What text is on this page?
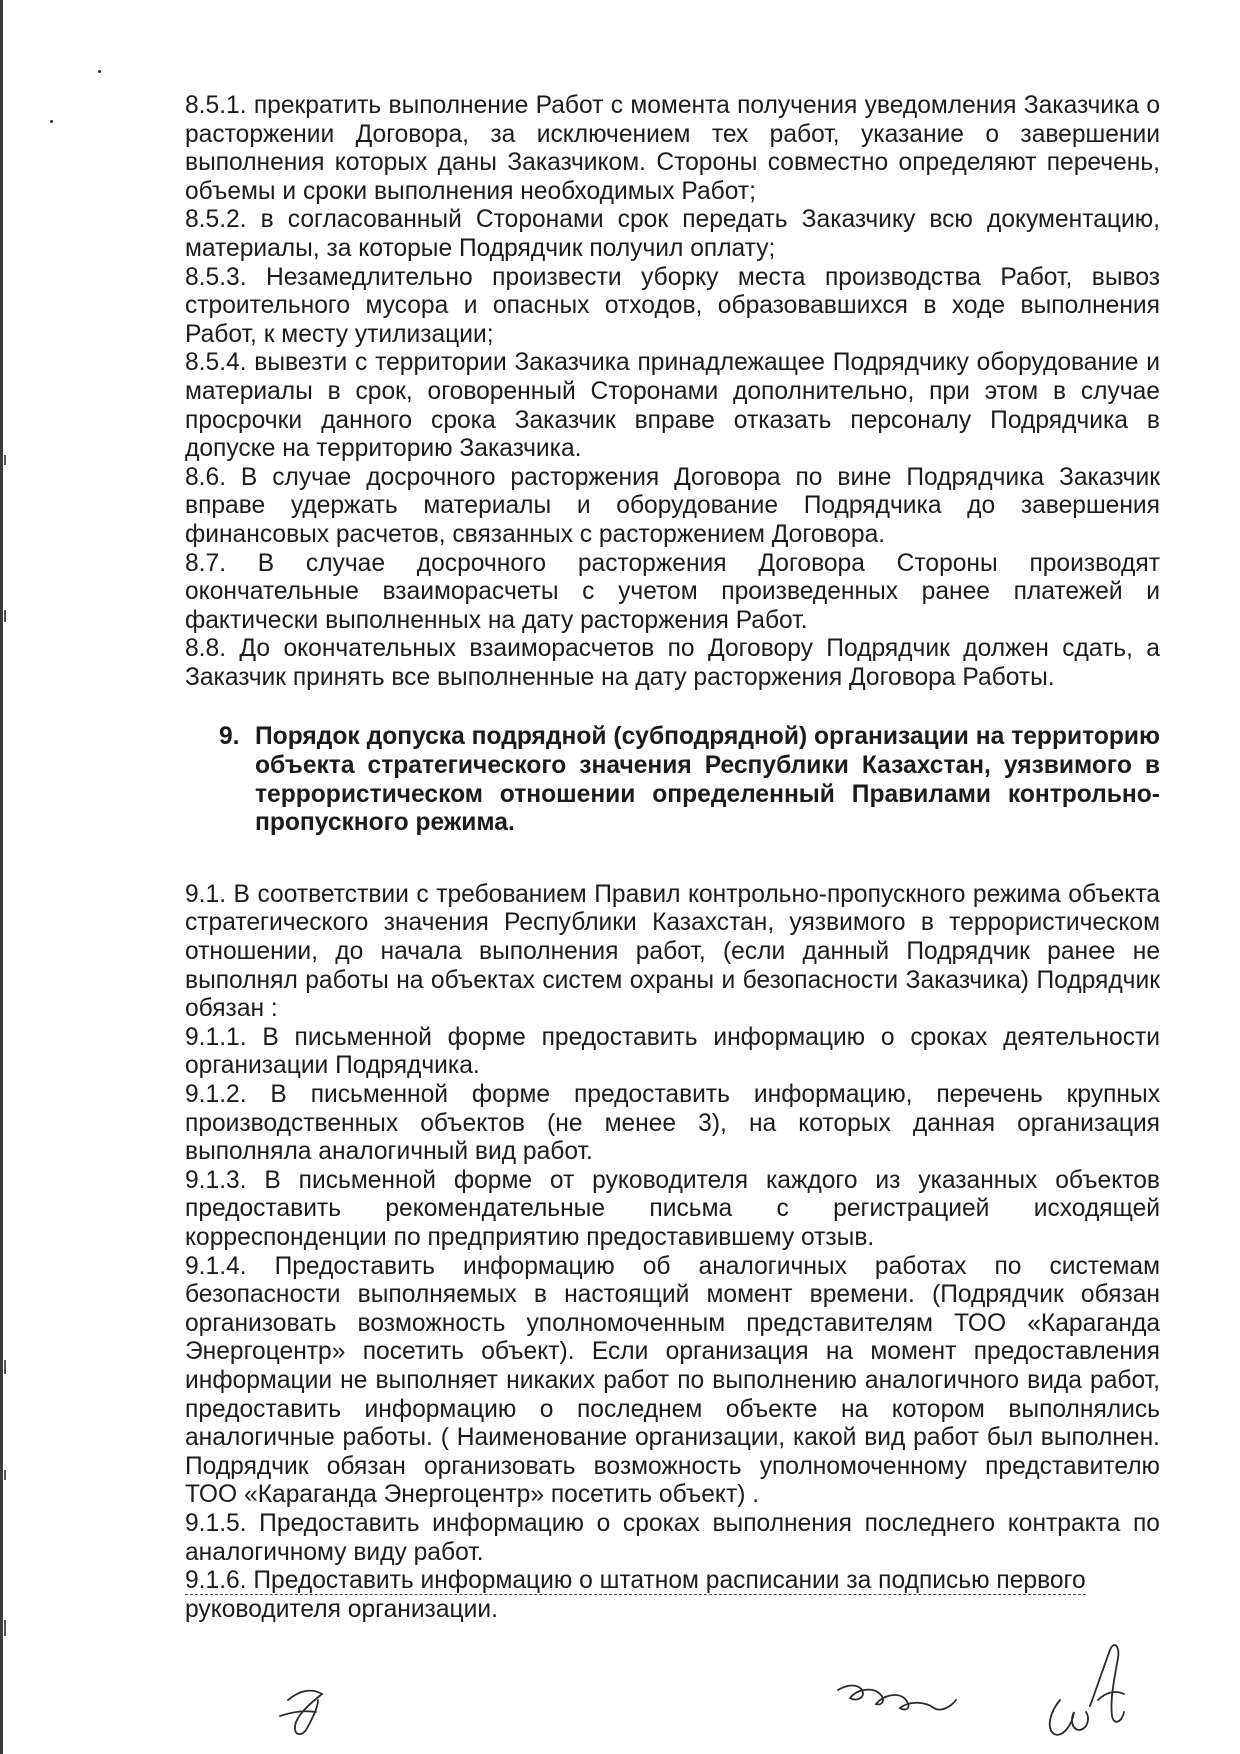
8.5.1. прекратить выполнение Работ с момента получения уведомления Заказчика о расторжении Договора, за исключением тех работ, указание о завершении выполнения которых даны Заказчиком. Стороны совместно определяют перечень, объемы и сроки выполнения необходимых Работ;

8.5.2. в согласованный Сторонами срок передать Заказчику всю документацию, материалы, за которые Подрядчик получил оплату;

8.5.3. Незамедлительно произвести уборку места производства Работ, вывоз строительного мусора и опасных отходов, образовавшихся в ходе выполнения Работ, к месту утилизации;

8.5.4. вывезти с территории Заказчика принадлежащее Подрядчику оборудование и материалы в срок, оговоренный Сторонами дополнительно, при этом в случае просрочки данного срока Заказчик вправе отказать персоналу Подрядчика в допуске на территорию Заказчика.

8.6. В случае досрочного расторжения Договора по вине Подрядчика Заказчик вправе удержать материалы и оборудование Подрядчика до завершения финансовых расчетов, связанных с расторжением Договора.

8.7. В случае досрочного расторжения Договора Стороны производят окончательные взаиморасчеты с учетом произведенных ранее платежей и фактически выполненных на дату расторжения Работ.

8.8. До окончательных взаиморасчетов по Договору Подрядчик должен сдать, а Заказчик принять все выполненные на дату расторжения Договора Работы.

9. Порядок допуска подрядной (субподрядной) организации на территорию объекта стратегического значения Республики Казахстан, уязвимого в террористическом отношении определенный Правилами контрольно-пропускного режима.

9.1. В соответствии с требованием Правил контрольно-пропускного режима объекта стратегического значения Республики Казахстан, уязвимого в террористическом отношении, до начала выполнения работ, (если данный Подрядчик ранее не выполнял работы на объектах систем охраны и безопасности Заказчика) Подрядчик обязан :

9.1.1. В письменной форме предоставить информацию о сроках деятельности организации Подрядчика.

9.1.2. В письменной форме предоставить информацию, перечень крупных производственных объектов (не менее 3), на которых данная организация выполняла аналогичный вид работ.

9.1.3. В письменной форме от руководителя каждого из указанных объектов предоставить рекомендательные письма с регистрацией исходящей корреспонденции по предприятию предоставившему отзыв.

9.1.4. Предоставить информацию об аналогичных работах по системам безопасности выполняемых в настоящий момент времени. (Подрядчик обязан организовать возможность уполномоченным представителям ТОО «Караганда Энергоцентр» посетить объект). Если организация на момент предоставления информации не выполняет никаких работ по выполнению аналогичного вида работ, предоставить информацию о последнем объекте на котором выполнялись аналогичные работы. ( Наименование организации, какой вид работ был выполнен. Подрядчик обязан организовать возможность уполномоченному представителю ТОО «Караганда Энергоцентр» посетить объект) .

9.1.5. Предоставить информацию о сроках выполнения последнего контракта по аналогичному виду работ.

9.1.6. Предоставить информацию о штатном расписании за подписью первого
руководителя организации.
